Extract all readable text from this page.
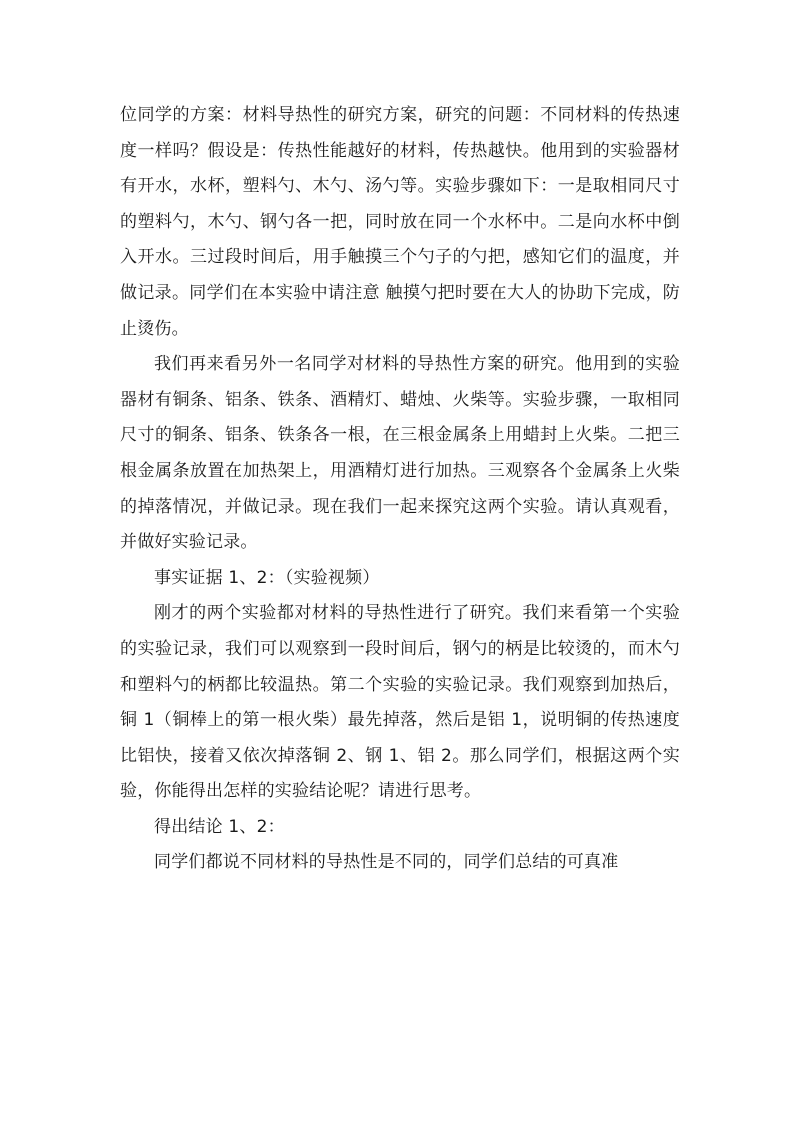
位同学的方案：材料导热性的研究方案，研究的问题：不同材料的传热速度一样吗？假设是：传热性能越好的材料，传热越快。他用到的实验器材有开水，水杯，塑料勺、木勺、汤勺等。实验步骤如下：一是取相同尺寸的塑料勺，木勺、钢勺各一把，同时放在同一个水杯中。二是向水杯中倒入开水。三过段时间后，用手触摸三个勺子的勺把，感知它们的温度，并做记录。同学们在本实验中请注意 触摸勺把时要在大人的协助下完成，防止烫伤。

我们再来看另外一名同学对材料的导热性方案的研究。他用到的实验器材有铜条、铝条、铁条、酒精灯、蜡烛、火柴等。实验步骤，一取相同尺寸的铜条、铝条、铁条各一根，在三根金属条上用蜡封上火柴。二把三根金属条放置在加热架上，用酒精灯进行加热。三观察各个金属条上火柴的掉落情况，并做记录。现在我们一起来探究这两个实验。请认真观看，并做好实验记录。

事实证据 1、2：（实验视频）

刚才的两个实验都对材料的导热性进行了研究。我们来看第一个实验的实验记录，我们可以观察到一段时间后，钢勺的柄是比较烫的，而木勺和塑料勺的柄都比较温热。第二个实验的实验记录。我们观察到加热后，铜 1（铜棒上的第一根火柴）最先掉落，然后是铝 1，说明铜的传热速度比铝快，接着又依次掉落铜 2、钢 1、铝 2。那么同学们，根据这两个实验，你能得出怎样的实验结论呢？请进行思考。

得出结论 1、2：

同学们都说不同材料的导热性是不同的，同学们总结的可真准
